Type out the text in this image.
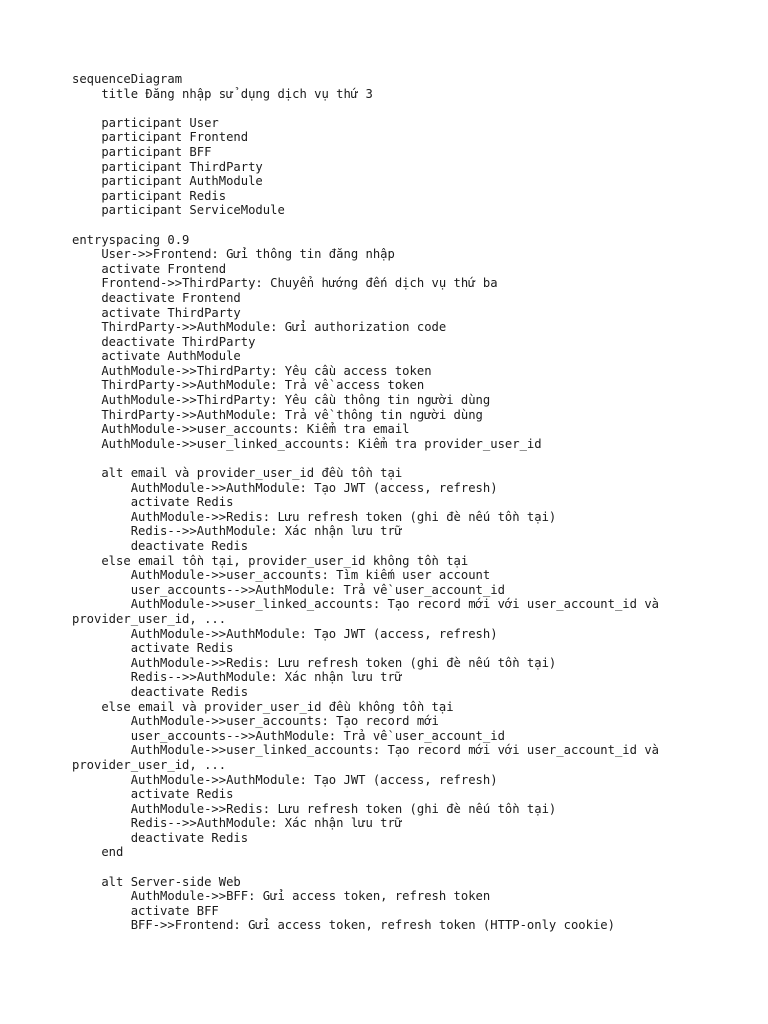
sequenceDiagram
title Đăng nhập sử dụng dịch vụ thứ 3
participant User
participant Frontend
participant BFF
participant ThirdParty
participant AuthModule
participant Redis
participant ServiceModule
entryspacing 0.9
User->>Frontend: Gửi thông tin đăng nhập
activate Frontend
Frontend->>ThirdParty: Chuyển hướng đến dịch vụ thứ ba
deactivate Frontend
activate ThirdParty
ThirdParty->>AuthModule: Gửi authorization code
deactivate ThirdParty
activate AuthModule
AuthModule->>ThirdParty: Yêu cầu access token
ThirdParty->>AuthModule: Trả về access token
AuthModule->>ThirdParty: Yêu cầu thông tin người dùng
ThirdParty->>AuthModule: Trả về thông tin người dùng
AuthModule->>user_accounts: Kiểm tra email
AuthModule->>user_linked_accounts: Kiểm tra provider_user_id
alt email và provider_user_id đều tồn tại
AuthModule->>AuthModule: Tạo JWT (access, refresh)
activate Redis
AuthModule->>Redis: Lưu refresh token (ghi đè nếu tồn tại)
Redis-->>AuthModule: Xác nhận lưu trữ
deactivate Redis
else email tồn tại, provider_user_id không tồn tại
AuthModule->>user_accounts: Tìm kiếm user account
user_accounts-->>AuthModule: Trả về user_account_id
AuthModule->>user_linked_accounts: Tạo record mới với user_account_id và
provider_user_id, ...
AuthModule->>AuthModule: Tạo JWT (access, refresh)
activate Redis
AuthModule->>Redis: Lưu refresh token (ghi đè nếu tồn tại)
Redis-->>AuthModule: Xác nhận lưu trữ
deactivate Redis
else email và provider_user_id đều không tồn tại
AuthModule->>user_accounts: Tạo record mới
user_accounts-->>AuthModule: Trả về user_account_id
AuthModule->>user_linked_accounts: Tạo record mới với user_account_id và
provider_user_id, ...
AuthModule->>AuthModule: Tạo JWT (access, refresh)
activate Redis
AuthModule->>Redis: Lưu refresh token (ghi đè nếu tồn tại)
Redis-->>AuthModule: Xác nhận lưu trữ
deactivate Redis
end
alt Server-side Web
AuthModule->>BFF: Gửi access token, refresh token
activate BFF
BFF->>Frontend: Gửi access token, refresh token (HTTP-only cookie)
